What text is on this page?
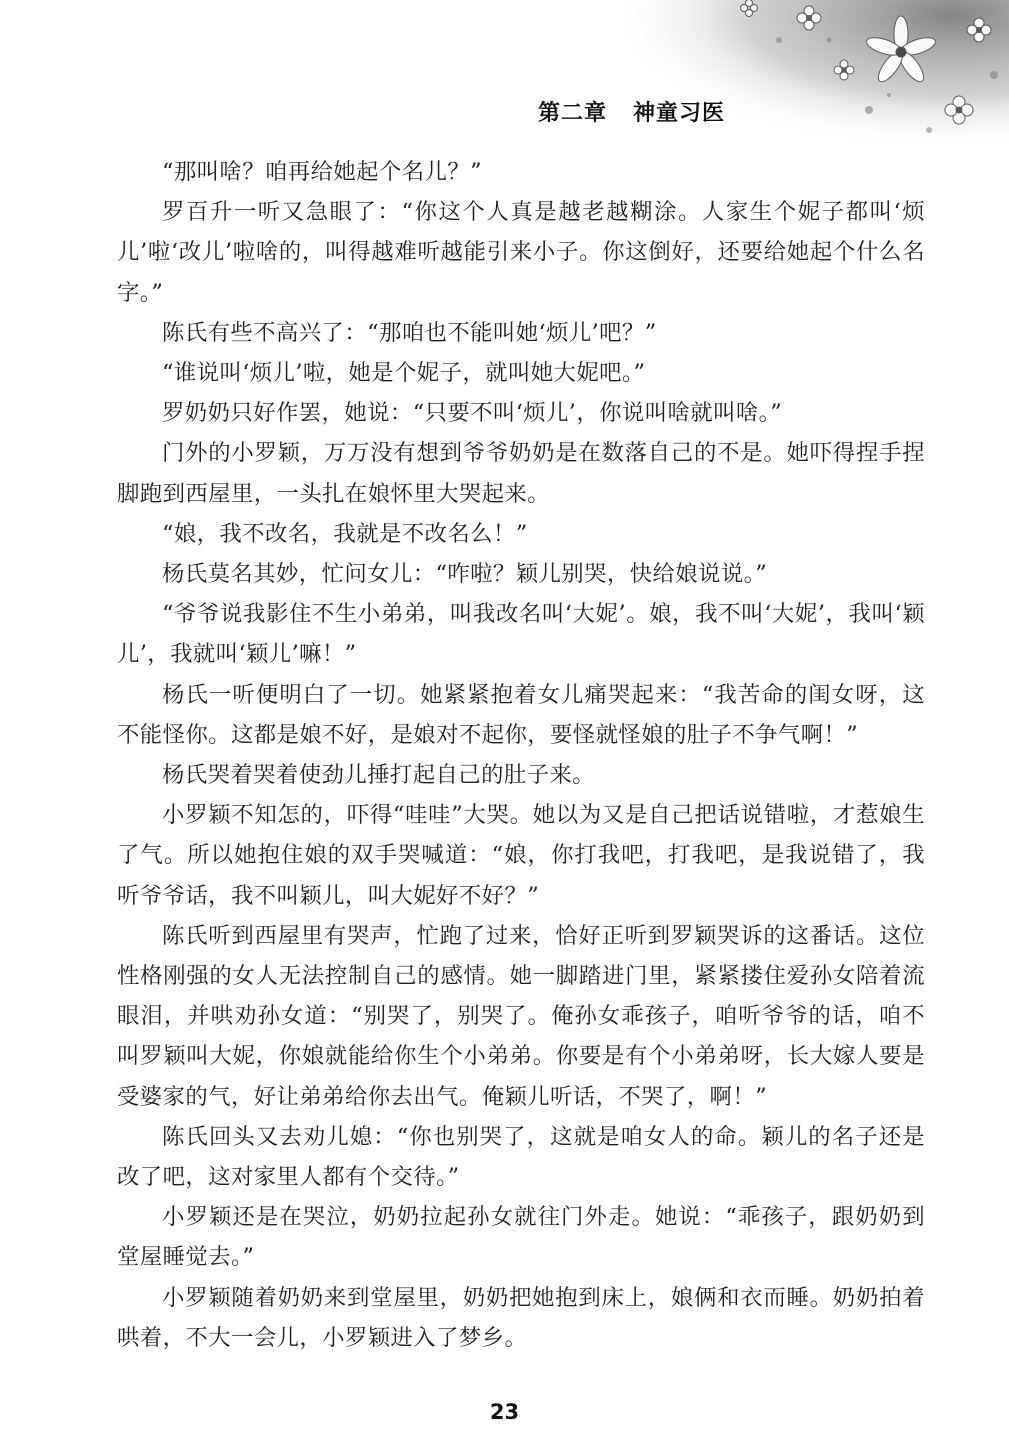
第二章 神童习医

“那叫啥？咱再给她起个名儿？”

罗百升一听又急眼了：“你这个人真是越老越糊涂。人家生个妮子都叫‘烦儿’啦‘改儿’啦啥的，叫得越难听越能引来小子。你这倒好，还要给她起个什么名字。”

陈氏有些不高兴了：“那咱也不能叫她‘烦儿’吧？”

“谁说叫‘烦儿’啦，她是个妮子，就叫她大妮吧。”

罗奶奶只好作罢，她说：“只要不叫‘烦儿’，你说叫啥就叫啥。”

门外的小罗颖，万万没有想到爷爷奶奶是在数落自己的不是。她吓得捏手捏脚跑到西屋里，一头扎在娘怀里大哭起来。

“娘，我不改名，我就是不改名么！”

杨氏莫名其妙，忙问女儿：“咋啦？颖儿别哭，快给娘说说。”

“爷爷说我影住不生小弟弟，叫我改名叫‘大妮’。娘，我不叫‘大妮’，我叫‘颖儿’，我就叫‘颖儿’嘛！”

杨氏一听便明白了一切。她紧紧抱着女儿痛哭起来：“我苦命的闺女呀，这不能怪你。这都是娘不好，是娘对不起你，要怪就怪娘的肚子不争气啊！”

杨氏哭着哭着使劲儿捶打起自己的肚子来。

小罗颖不知怎的，吓得“哇哇”大哭。她以为又是自己把话说错啦，才惹娘生了气。所以她抱住娘的双手哭喊道：“娘，你打我吧，打我吧，是我说错了，我听爷爷话，我不叫颖儿，叫大妮好不好？”

陈氏听到西屋里有哭声，忙跑了过来，恰好正听到罗颖哭诉的这番话。这位性格刚强的女人无法控制自己的感情。她一脚踏进门里，紧紧搂住爱孙女陪着流眼泪，并哄劝孙女道：“别哭了，别哭了。俺孙女乖孩子，咱听爷爷的话，咱不叫罗颖叫大妮，你娘就能给你生个小弟弟。你要是有个小弟弟呀，长大嫁人要是受婆家的气，好让弟弟给你去出气。俺颖儿听话，不哭了，啊！”

陈氏回头又去劝儿媳：“你也别哭了，这就是咱女人的命。颖儿的名子还是改了吧，这对家里人都有个交待。”

小罗颖还是在哭泣，奶奶拉起孙女就往门外走。她说：“乖孩子，跟奶奶到堂屋睡觉去。”

小罗颖随着奶奶来到堂屋里，奶奶把她抱到床上，娘俩和衣而睡。奶奶拍着哄着，不大一会儿，小罗颖进入了梦乡。

23
